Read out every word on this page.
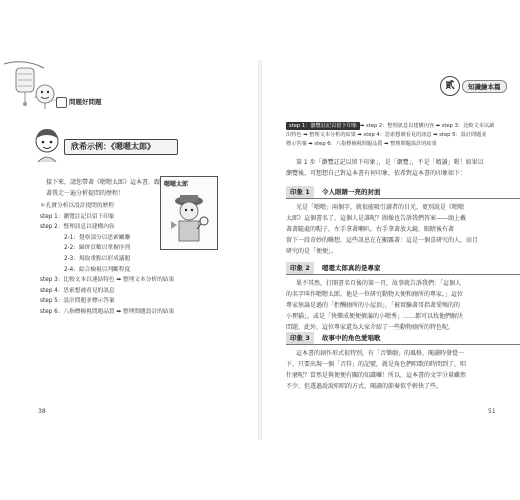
問題好問題
欣希示例：《嗯嗯太郎》
嗯嗯太郎
接下來，請您帶著《嗯嗯太郎》這本書，跟
著我走一遍分析提問的歷程！
＊孔寶分析以設計提問的歷程
step 1：瀏覽註記以留下印象
step 2：整理訊息以建構內容
2-1：覺察部分以思索關聯
2-2：歸併頁數以掌握序列
2-3：規取重點以形成議題
2-4：綜合檢視以判斷程度
step 3：比較文本以連結特色 ➡ 整理文本分析的結果
step 4：思索想被看見的訊息
step 5：設計問題並標示答案
step 6：八指標檢視問題品質 ➡ 整理問題設計的結果
38
貳	知識繪本篇
step 1：瀏覽註記以留下印象 ➡ step 2：整理訊息以建構內容 ➡ step 3：比較文本以讀
出特色 ➡ 整理文本分析的結果 ➡ step 4：思索想被看見的訊息 ➡ step 5：設計問題並
標示答案 ➡ step 6：八指標檢視問題品質 ➡ 整理問題設計的結果
第 1 步「瀏覽註記以留下印象」，是「瀏覽」，不是「精讀」喔！如果以
瀏覽後，可想想自己對這本書有何印象，依希對這本書的印象如下：
印象 1	令人眼睛一亮的封面
光是「嗯嗯」兩個字，就很能吸引讀者的目光，更別說是《嗯嗯
太郎》這個書名了，這個人是誰呢？圖像也告訴我們答案——頭上戴
著著隨處的帽子，左手拿著喇叭，右手拿著放大鏡，眼睛後有著
留下一段奇妙的聯想，這些訊息在在顯露著：這是一個喜研究的人，而且
研究的是「便便」。
印象 2	嗯嗯太郎真的是專家
果不其然，打開書名頁後的第一頁，故事就告訴我們：「這個人
的名字叫作嗯嗯太郎。他是一位研究動物大便和廁所的專家。」這位
專家無論是過的「拒酬廁所的小屋頂」，「被實驗著哥指著愛嗎的的
小狸貓」，或是「快樂成便便擠滿的小嗯秀」……都可以找他們解決
問題，此外，這位專家還為大家介紹了一些動物廁所的特色呢。
印象 3	故事中的角色愛唱歌
這本書的創作形式很特別，有「音樂劇」的風格，閱讀時發覺一
下，只要出現一個「音符」的記號，就是角色們唱歌的時間到了，唱
什麼呢？當然是與便便有關的知識囉！所以，這本書的文字分量雖然
不少，但透過說說唱唱的方式，閱讀的節奏似乎輕快了些。
51
